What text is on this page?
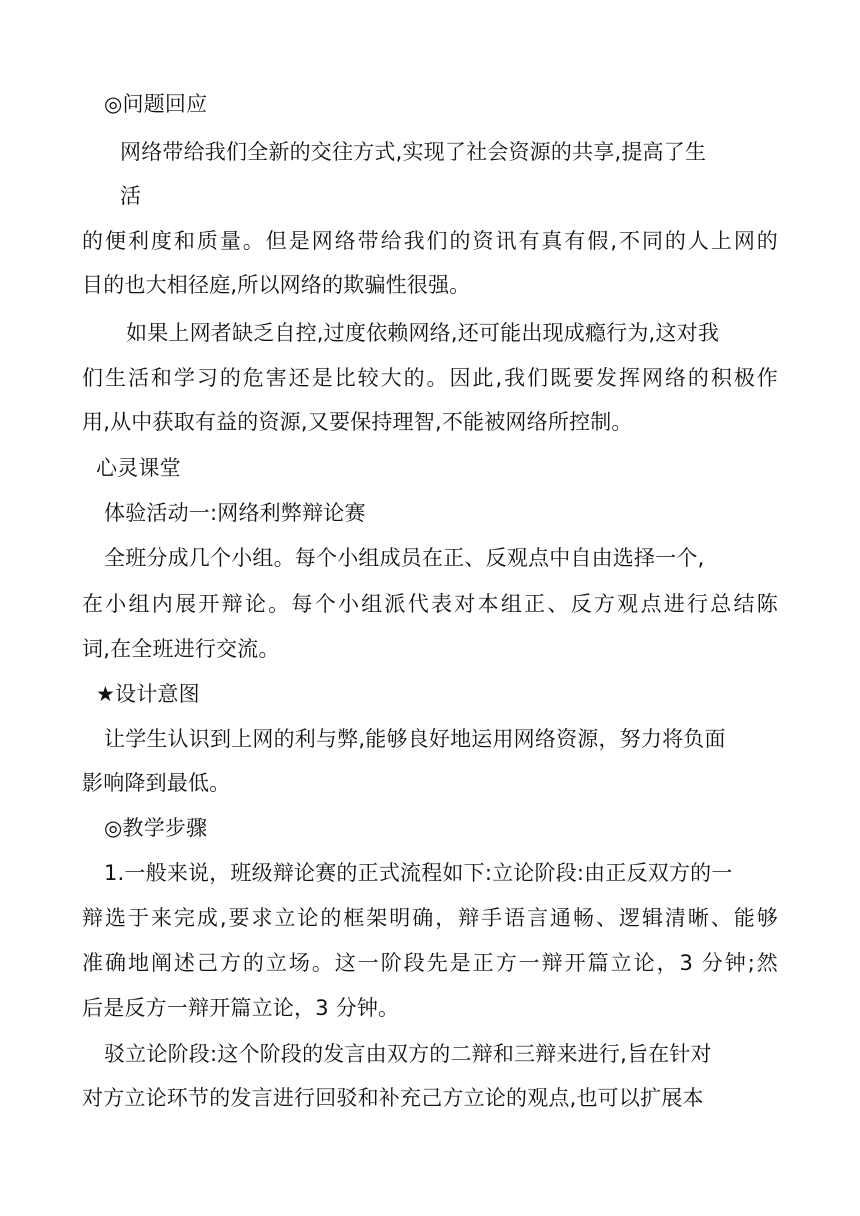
◎问题回应
网络带给我们全新的交往方式,实现了社会资源的共享,提高了生
活
的便利度和质量。但是网络带给我们的资讯有真有假,不同的人上网的
目的也大相径庭,所以网络的欺骗性很强。
如果上网者缺乏自控,过度依赖网络,还可能出现成瘾行为,这对我
们生活和学习的危害还是比较大的。因此,我们既要发挥网络的积极作
用,从中获取有益的资源,又要保持理智,不能被网络所控制。
心灵课堂
体验活动一:网络利弊辩论赛
全班分成几个小组。每个小组成员在正、反观点中自由选择一个,
在小组内展开辩论。每个小组派代表对本组正、反方观点进行总结陈
词,在全班进行交流。
★设计意图
让学生认识到上网的利与弊,能够良好地运用网络资源，努力将负面
影响降到最低。
◎教学步骤
1.一般来说，班级辩论赛的正式流程如下:立论阶段:由正反双方的一
辩选于来完成,要求立论的框架明确，辩手语言通畅、逻辑清晰、能够
准确地阐述己方的立场。这一阶段先是正方一辩开篇立论，3 分钟;然
后是反方一辩开篇立论，3 分钟。
驳立论阶段:这个阶段的发言由双方的二辩和三辩来进行,旨在针对
对方立论环节的发言进行回驳和补充己方立论的观点,也可以扩展本
